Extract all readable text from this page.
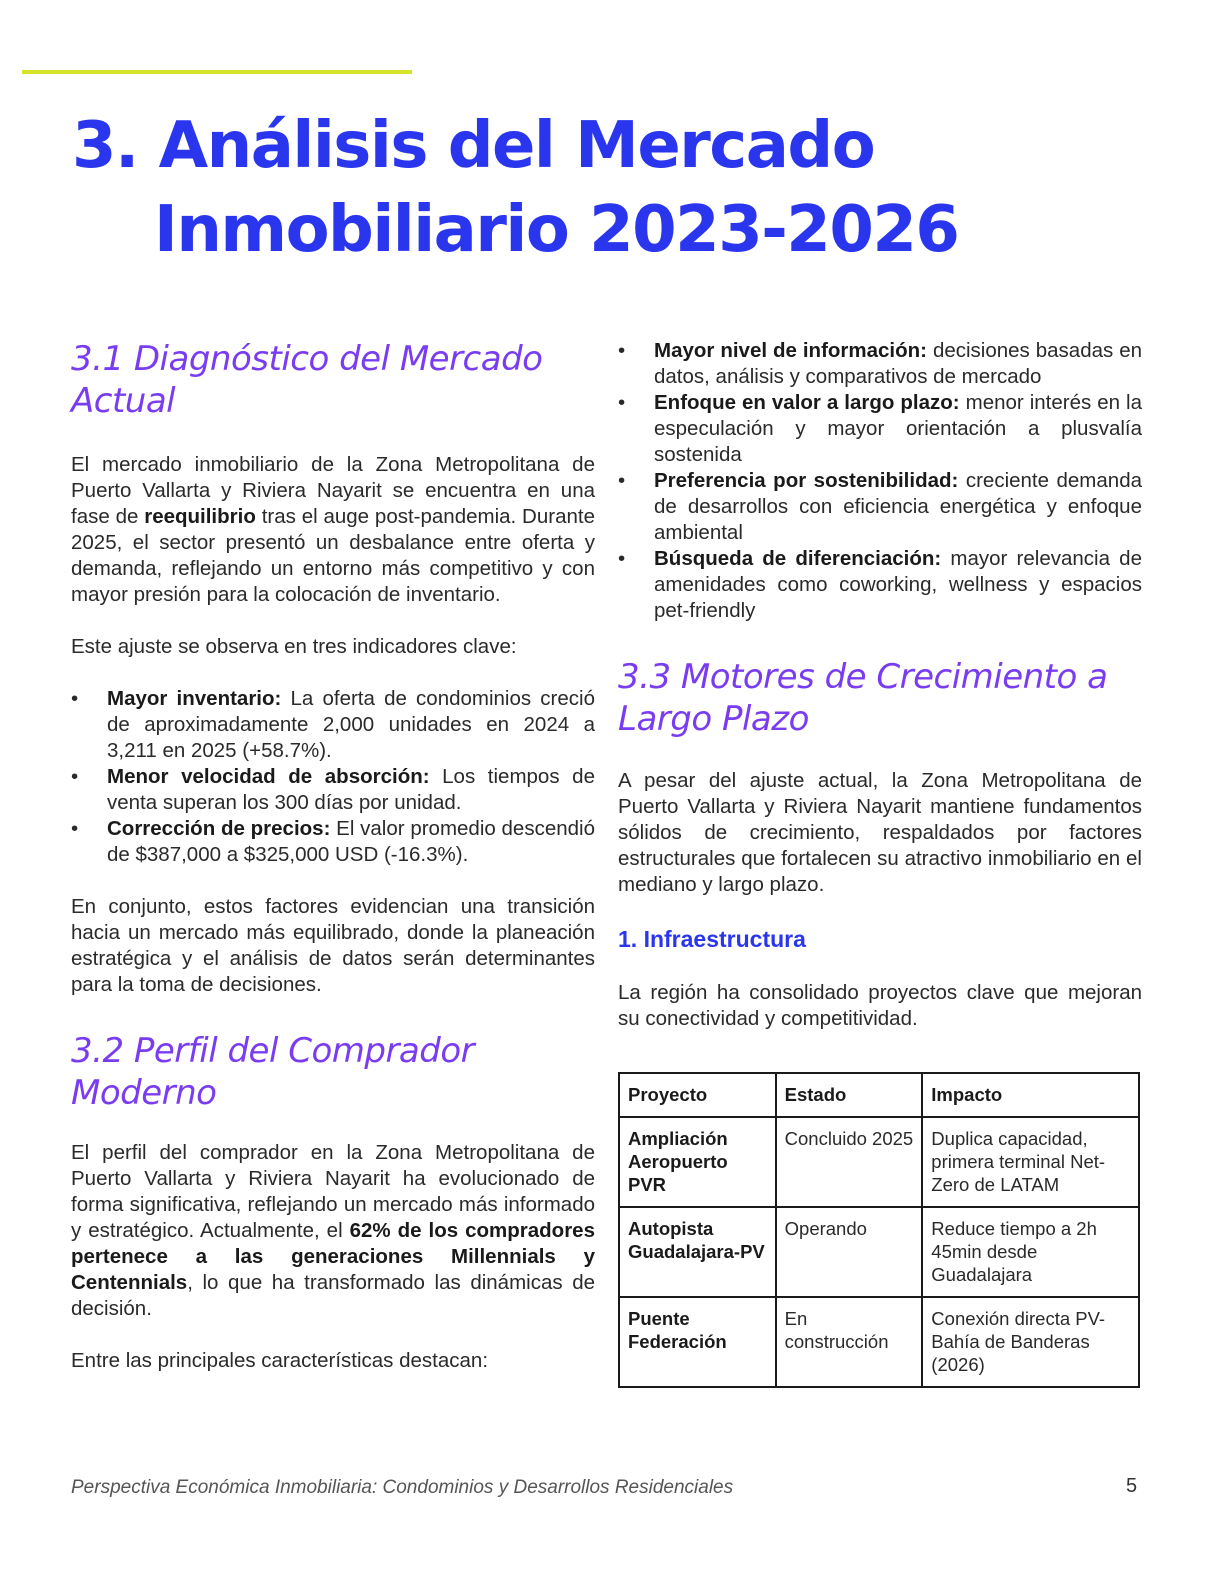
3. Análisis del Mercado
Inmobiliario 2023-2026
3.1 Diagnóstico del Mercado Actual

El mercado inmobiliario de la Zona Metropolitana de Puerto Vallarta y Riviera Nayarit se encuentra en una fase de reequilibrio tras el auge post-pandemia. Durante 2025, el sector presentó un desbalance entre oferta y demanda, reflejando un entorno más competitivo y con mayor presión para la colocación de inventario.

Este ajuste se observa en tres indicadores clave:

• Mayor inventario: La oferta de condominios creció de aproximadamente 2,000 unidades en 2024 a 3,211 en 2025 (+58.7%).
• Menor velocidad de absorción: Los tiempos de venta superan los 300 días por unidad.
• Corrección de precios: El valor promedio descendió de $387,000 a $325,000 USD (-16.3%).

En conjunto, estos factores evidencian una transición hacia un mercado más equilibrado, donde la planeación estratégica y el análisis de datos serán determinantes para la toma de decisiones.

3.2 Perfil del Comprador Moderno

El perfil del comprador en la Zona Metropolitana de Puerto Vallarta y Riviera Nayarit ha evolucionado de forma significativa, reflejando un mercado más informado y estratégico. Actualmente, el 62% de los compradores pertenece a las generaciones Millennials y Centennials, lo que ha transformado las dinámicas de decisión.

Entre las principales características destacan:

• Mayor nivel de información: decisiones basadas en datos, análisis y comparativos de mercado
• Enfoque en valor a largo plazo: menor interés en la especulación y mayor orientación a plusvalía sostenida
• Preferencia por sostenibilidad: creciente demanda de desarrollos con eficiencia energética y enfoque ambiental
• Búsqueda de diferenciación: mayor relevancia de amenidades como coworking, wellness y espacios pet-friendly
3.3 Motores de Crecimiento a Largo Plazo

A pesar del ajuste actual, la Zona Metropolitana de Puerto Vallarta y Riviera Nayarit mantiene fundamentos sólidos de crecimiento, respaldados por factores estructurales que fortalecen su atractivo inmobiliario en el mediano y largo plazo.

1. Infraestructura

La región ha consolidado proyectos clave que mejoran su conectividad y competitividad.

Proyecto	Estado	Impacto
Ampliación Aeropuerto PVR	Concluido 2025	Duplica capacidad, primera terminal Net-Zero de LATAM
Autopista Guadalajara-PV	Operando	Reduce tiempo a 2h 45min desde Guadalajara
Puente Federación	En construcción	Conexión directa PV-Bahía de Banderas (2026)
Perspectiva Económica Inmobiliaria: Condominios y Desarrollos Residenciales	5
